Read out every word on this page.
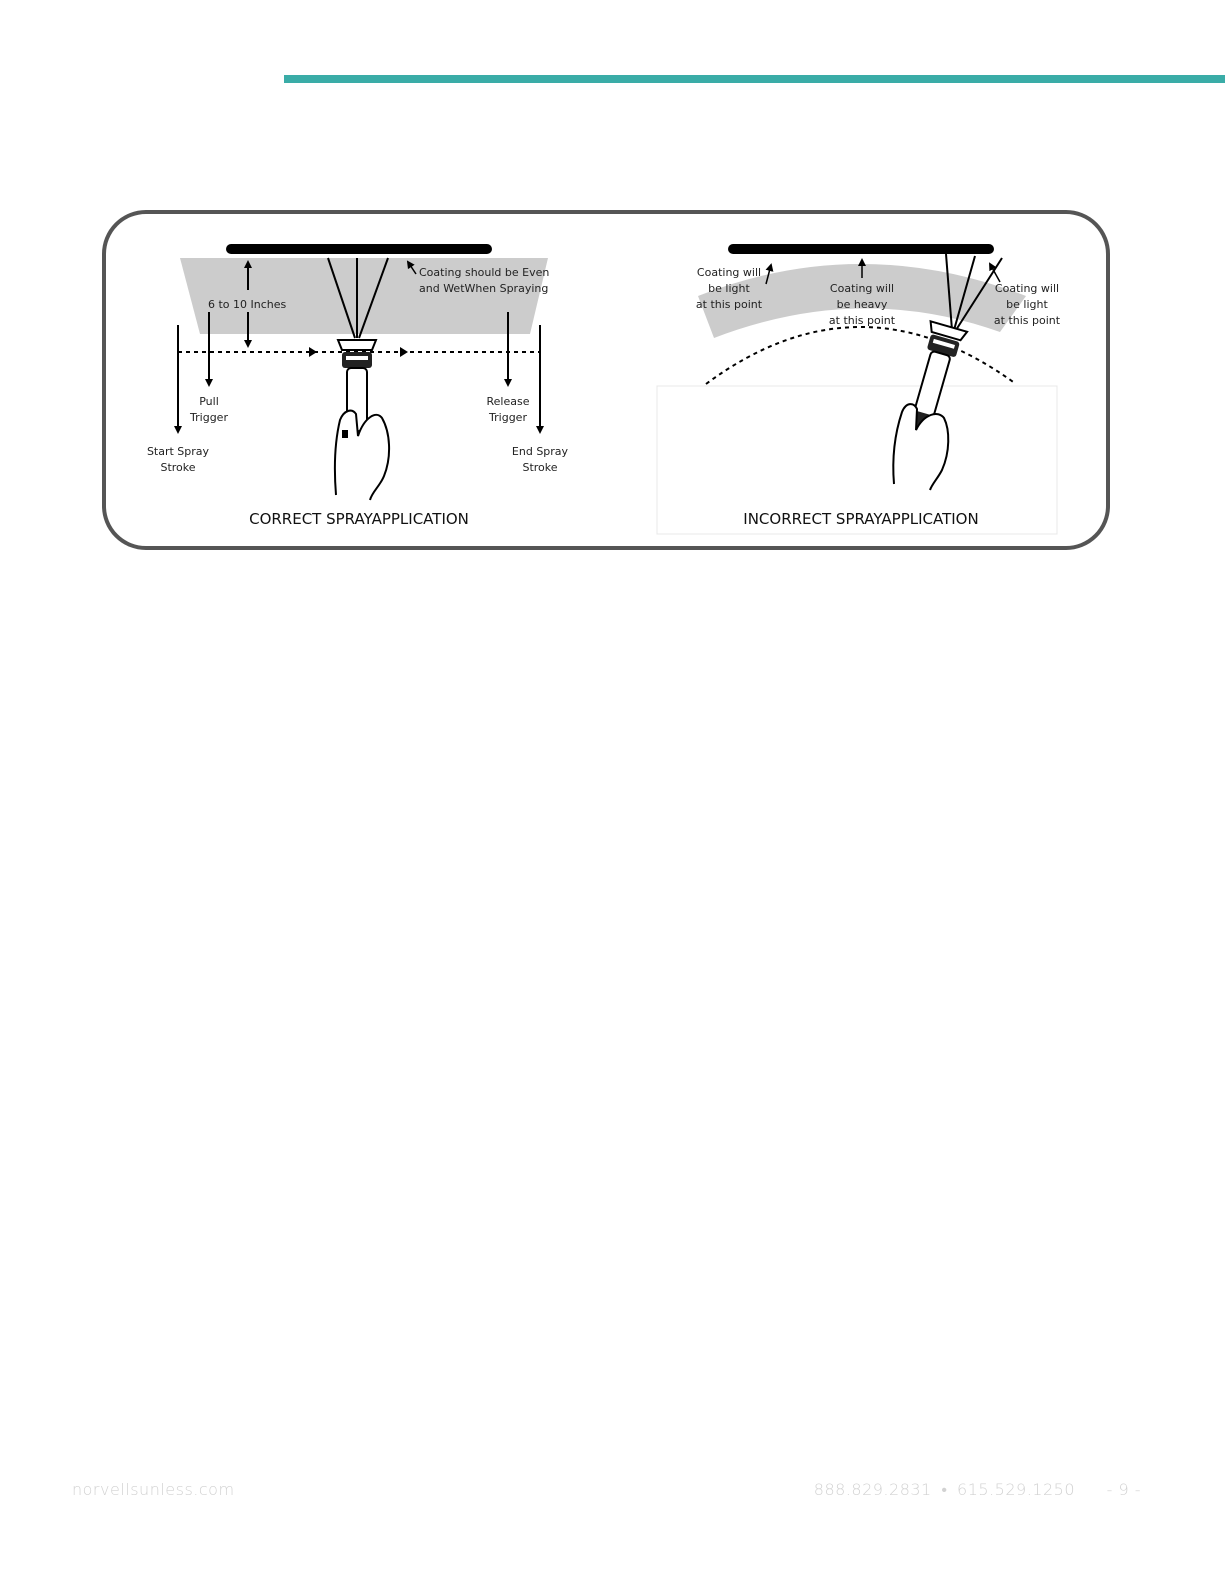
6 to 10 Inches
Coating should be Even
and WetWhen Spraying
Pull
Trigger
Release
Trigger
Start Spray
Stroke
End Spray
Stroke
CORRECT SPRAYAPPLICATION
Coating will
be light
at this point
Coating will
be heavy
at this point
Coating will
be light
at this point
INCORRECT SPRAYAPPLICATION
norvellsunless.com	888.829.2831 • 615.529.1250 - 9 -
